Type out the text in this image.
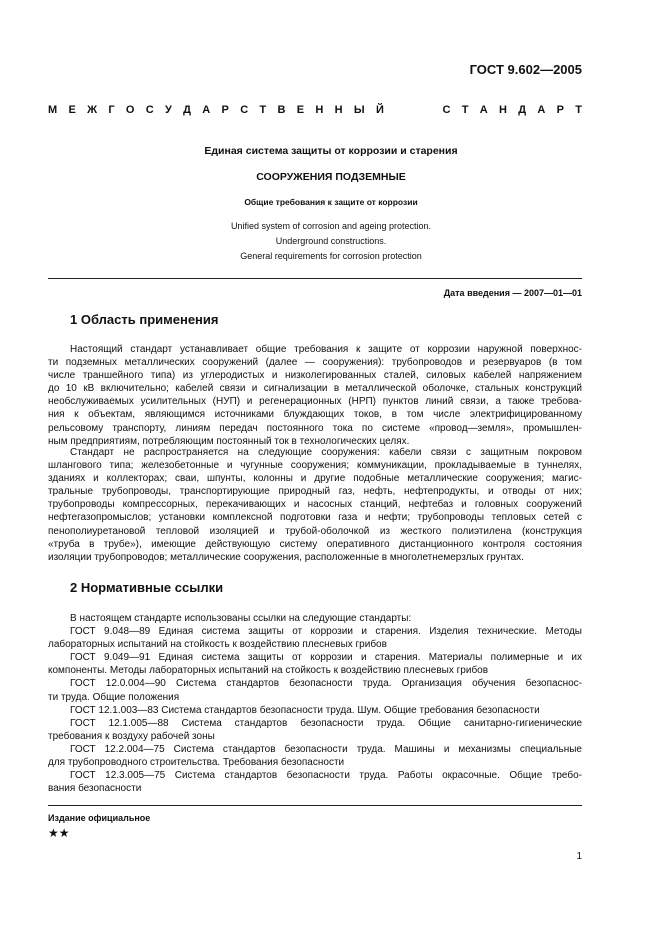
ГОСТ 9.602—2005
М Е Ж Г О С У Д А Р С Т В Е Н Н Ы Й	С Т А Н Д А Р Т
Единая система защиты от коррозии и старения
СООРУЖЕНИЯ ПОДЗЕМНЫЕ
Общие требования к защите от коррозии
Unified system of corrosion and ageing protection.
Underground constructions.
General requirements for corrosion protection
Дата введения — 2007—01—01
1 Область применения
Настоящий стандарт устанавливает общие требования к защите от коррозии наружной поверхнос-
ти подземных металлических сооружений (далее — сооружения): трубопроводов и резервуаров (в том
числе траншейного типа) из углеродистых и низколегированных сталей, силовых кабелей напряжением
до 10 кВ включительно; кабелей связи и сигнализации в металлической оболочке, стальных конструкций
необслуживаемых усилительных (НУП) и регенерационных (НРП) пунктов линий связи, а также требова-
ния к объектам, являющимся источниками блуждающих токов, в том числе электрифицированному
рельсовому транспорту, линиям передач постоянного тока по системе «провод—земля», промышлен-
ным предприятиям, потребляющим постоянный ток в технологических целях.
Стандарт не распространяется на следующие сооружения: кабели связи с защитным покровом
шлангового типа; железобетонные и чугунные сооружения; коммуникации, прокладываемые в туннелях,
зданиях и коллекторах; сваи, шпунты, колонны и другие подобные металлические сооружения; магис-
тральные трубопроводы, транспортирующие природный газ, нефть, нефтепродукты, и отводы от них;
трубопроводы компрессорных, перекачивающих и насосных станций, нефтебаз и головных сооружений
нефтегазопромыслов; установки комплексной подготовки газа и нефти; трубопроводы тепловых сетей с
пенополиуретановой тепловой изоляцией и трубой-оболочкой из жесткого полиэтилена (конструкция
«труба в трубе»), имеющие действующую систему оперативного дистанционного контроля состояния
изоляции трубопроводов; металлические сооружения, расположенные в многолетнемерзлых грунтах.
2 Нормативные ссылки
В настоящем стандарте использованы ссылки на следующие стандарты:
ГОСТ 9.048—89 Единая система защиты от коррозии и старения. Изделия технические. Методы
лабораторных испытаний на стойкость к воздействию плесневых грибов
ГОСТ 9.049—91 Единая система защиты от коррозии и старения. Материалы полимерные и их
компоненты. Методы лабораторных испытаний на стойкость к воздействию плесневых грибов
ГОСТ 12.0.004—90 Система стандартов безопасности труда. Организация обучения безопаснос-
ти труда. Общие положения
ГОСТ 12.1.003—83 Система стандартов безопасности труда. Шум. Общие требования безопасности
ГОСТ 12.1.005—88 Система стандартов безопасности труда. Общие санитарно-гигиенические
требования к воздуху рабочей зоны
ГОСТ 12.2.004—75 Система стандартов безопасности труда. Машины и механизмы специальные
для трубопроводного строительства. Требования безопасности
ГОСТ 12.3.005—75 Система стандартов безопасности труда. Работы окрасочные. Общие требо-
вания безопасности
Издание официальное
★★
1
